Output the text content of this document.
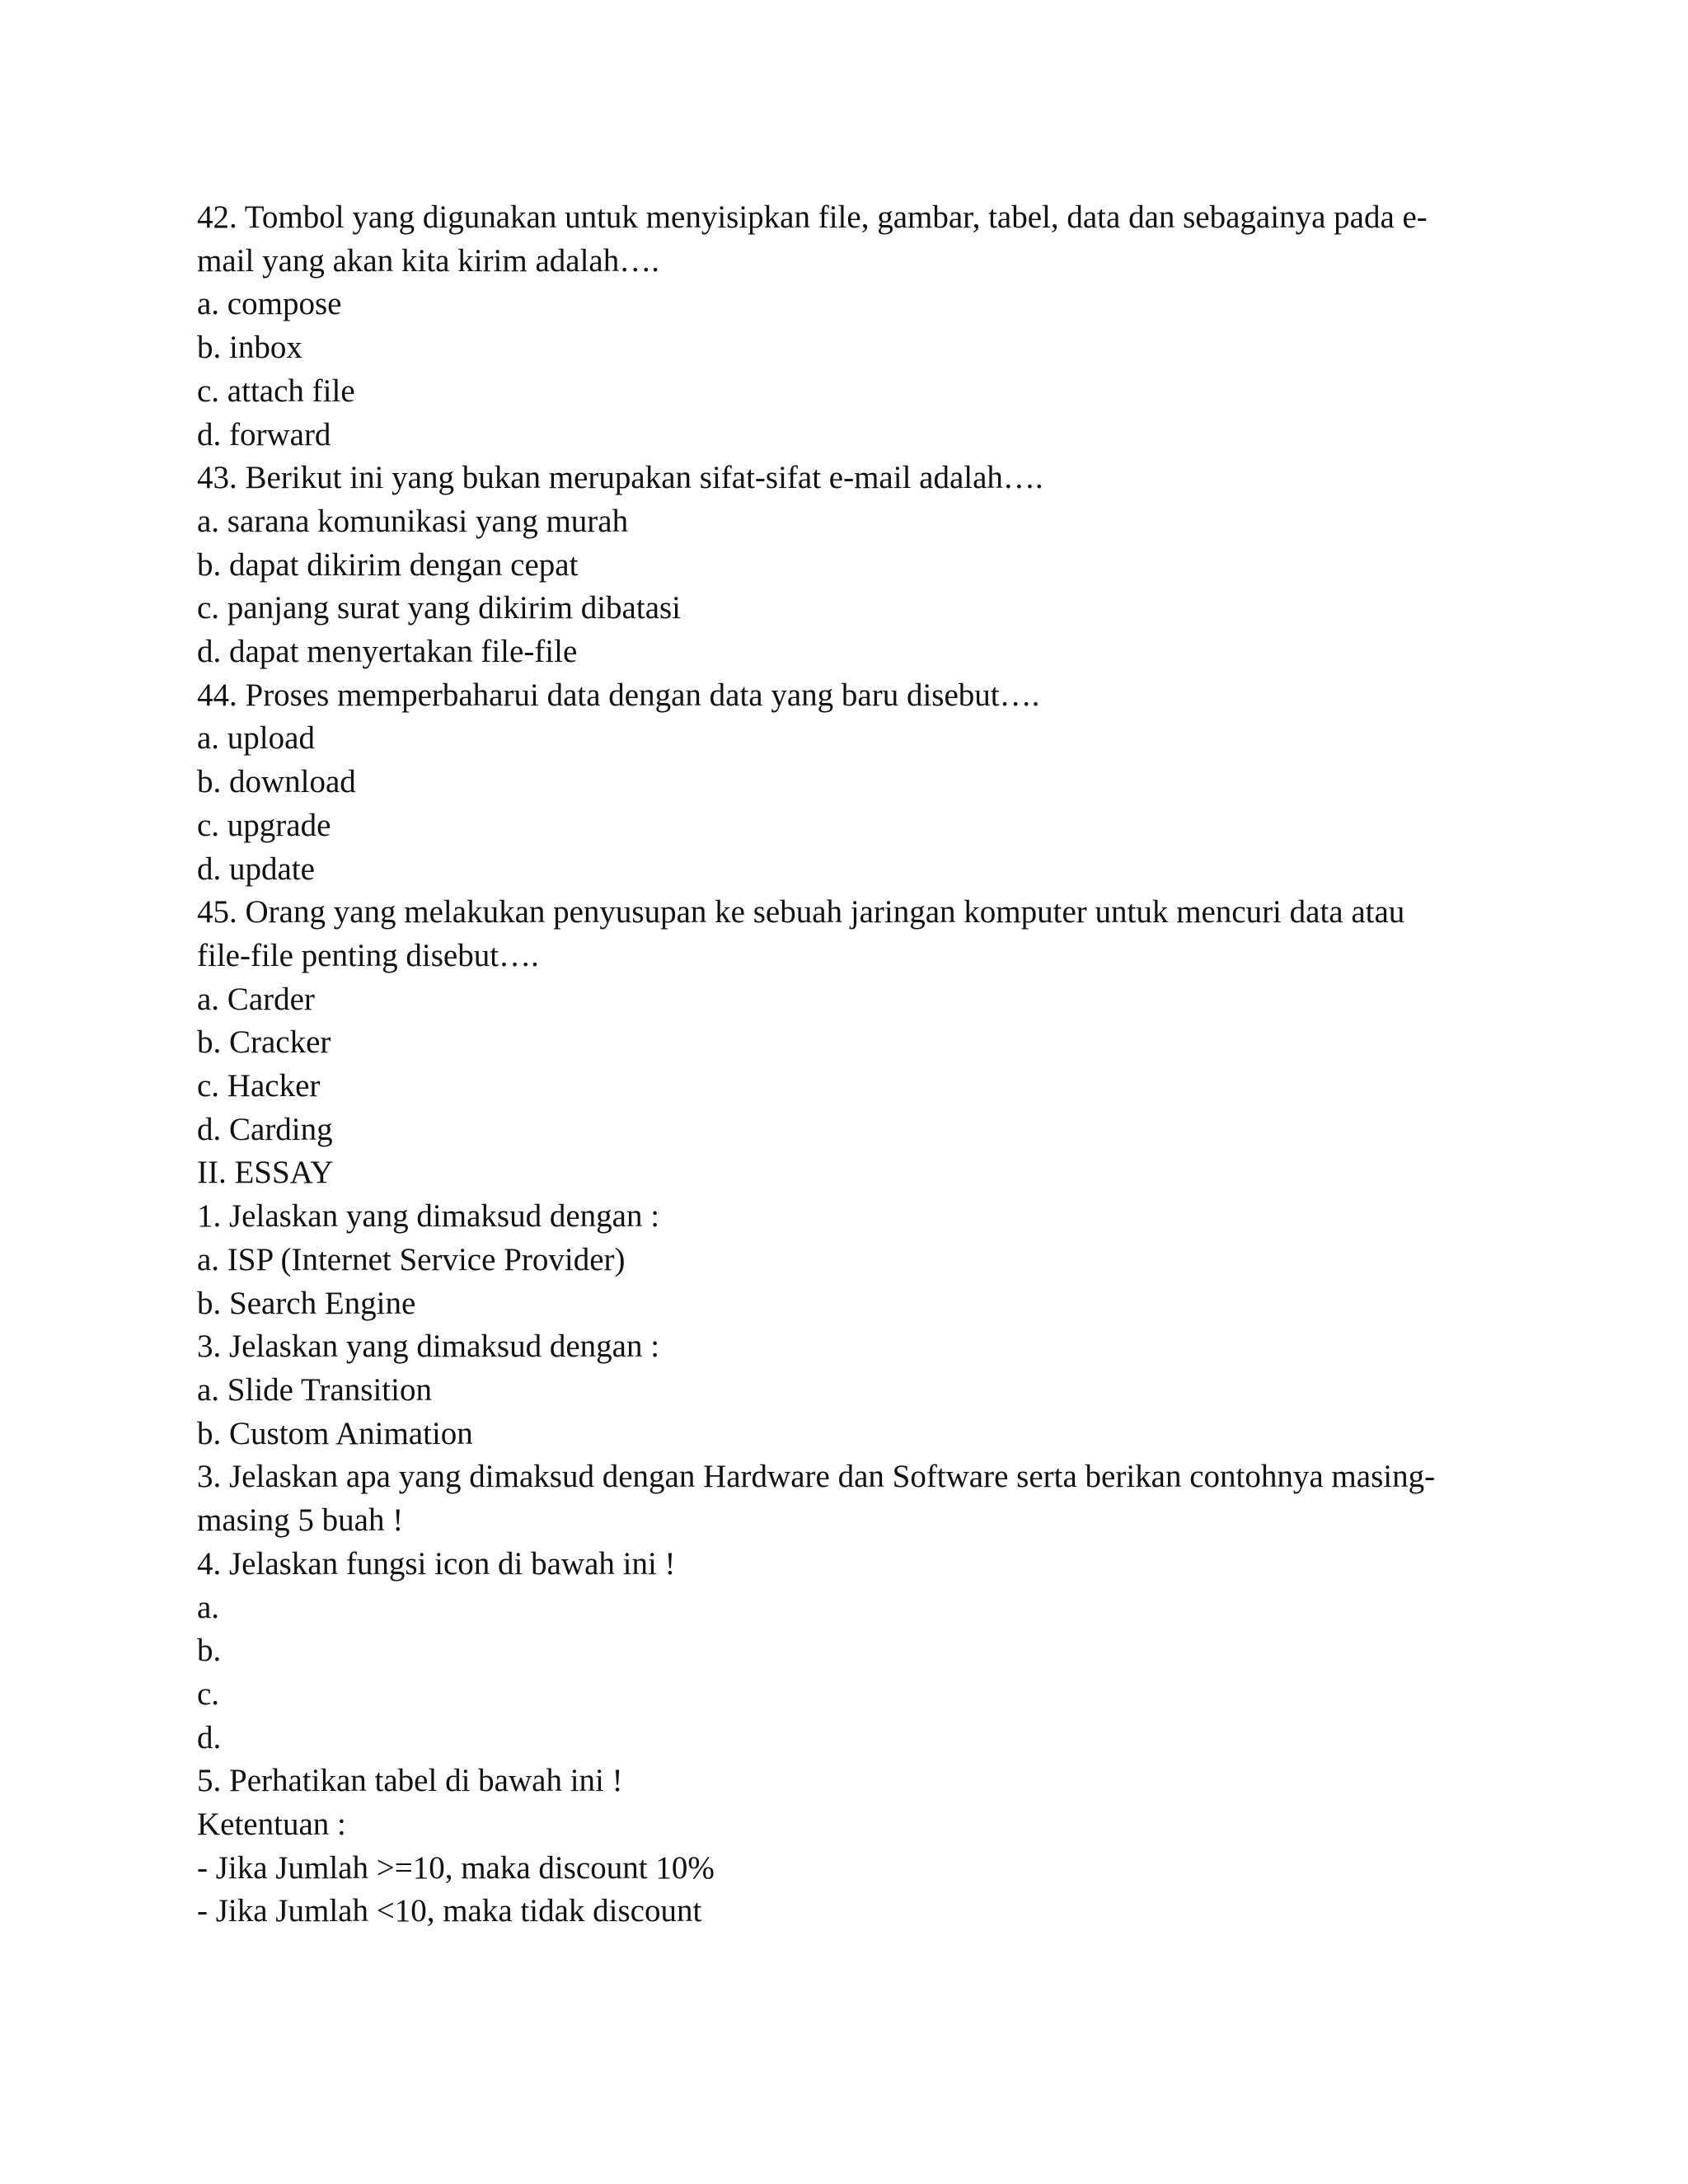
42. Tombol yang digunakan untuk menyisipkan file, gambar, tabel, data dan sebagainya pada e-
mail yang akan kita kirim adalah….
a. compose
b. inbox
c. attach file
d. forward
43. Berikut ini yang bukan merupakan sifat-sifat e-mail adalah….
a. sarana komunikasi yang murah
b. dapat dikirim dengan cepat
c. panjang surat yang dikirim dibatasi
d. dapat menyertakan file-file
44. Proses memperbaharui data dengan data yang baru disebut….
a. upload
b. download
c. upgrade
d. update
45. Orang yang melakukan penyusupan ke sebuah jaringan komputer untuk mencuri data atau
file-file penting disebut….
a. Carder
b. Cracker
c. Hacker
d. Carding
II. ESSAY
1. Jelaskan yang dimaksud dengan :
a. ISP (Internet Service Provider)
b. Search Engine
3. Jelaskan yang dimaksud dengan :
a. Slide Transition
b. Custom Animation
3. Jelaskan apa yang dimaksud dengan Hardware dan Software serta berikan contohnya masing-
masing 5 buah !
4. Jelaskan fungsi icon di bawah ini !
a.
b.
c.
d.
5. Perhatikan tabel di bawah ini !
Ketentuan :
- Jika Jumlah >=10, maka discount 10%
- Jika Jumlah <10, maka tidak discount
